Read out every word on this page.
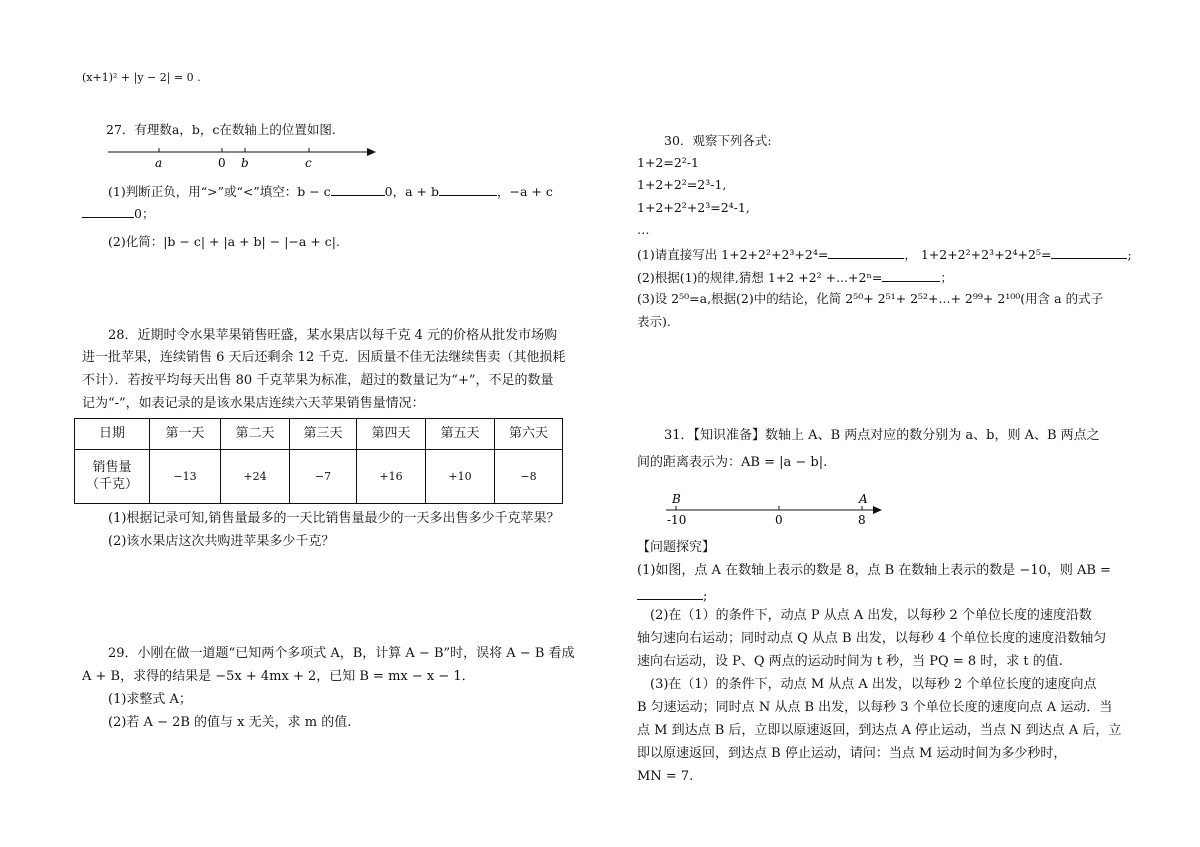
(x+1)² + |y − 2| = 0 .
27．有理数a，b，c在数轴上的位置如图.
a	0 b	c
(1)判断正负，用“>”或“<”填空：b − c	0，a + b	，−a + c
0；
(2)化简：|b − c| + |a + b| − |−a + c|.
28．近期时令水果苹果销售旺盛，某水果店以每千克 4 元的价格从批发市场购
进一批苹果，连续销售 6 天后还剩余 12 千克．因质量不佳无法继续售卖（其他损耗
不计）．若按平均每天出售 80 千克苹果为标准，超过的数量记为“+”，不足的数量
记为“-”，如表记录的是该水果店连续六天苹果销售量情况：
日期	第一天	第二天	第三天	第四天	第五天	第六天

销售量
（千克）	−13	+24	−7	+16	+10	−8
(1)根据记录可知,销售量最多的一天比销售量最少的一天多出售多少千克苹果？
(2)该水果店这次共购进苹果多少千克？
29．小刚在做一道题“已知两个多项式 A，B，计算 A − B”时，误将 A − B 看成
A + B，求得的结果是 −5x + 4mx + 2，已知 B = mx − x − 1．
(1)求整式 A；
(2)若 A − 2B 的值与 x 无关，求 m 的值.
30．观察下列各式:
1+2=2²-1
1+2+2²=2³-1,
1+2+2²+2³=2⁴-1,
…
(1)请直接写出 1+2+2²+2³+2⁴=	， 1+2+2²+2³+2⁴+2⁵=	;
(2)根据(1)的规律,猜想 1+2 +2² +...+2ⁿ=	；
(3)设 2⁵⁰=a,根据(2)中的结论，化简 2⁵⁰+ 2⁵¹+ 2⁵²+...+ 2⁹⁹+ 2¹⁰⁰(用含 a 的式子
表示).
31．【知识准备】数轴上 A、B 两点对应的数分别为 a、b，则 A、B 两点之
间的距离表示为：AB = |a − b|.
B	A
-10	0	8
【问题探究】
(1)如图，点 A 在数轴上表示的数是 8，点 B 在数轴上表示的数是 −10，则 AB =
;
(2)在（1）的条件下，动点 P 从点 A 出发，以每秒 2 个单位长度的速度沿数
轴匀速向右运动；同时动点 Q 从点 B 出发，以每秒 4 个单位长度的速度沿数轴匀
速向右运动，设 P、Q 两点的运动时间为 t 秒，当 PQ = 8 时，求 t 的值.
(3)在（1）的条件下，动点 M 从点 A 出发，以每秒 2 个单位长度的速度向点
B 匀速运动；同时点 N 从点 B 出发，以每秒 3 个单位长度的速度向点 A 运动．当
点 M 到达点 B 后，立即以原速返回，到达点 A 停止运动，当点 N 到达点 A 后，立
即以原速返回，到达点 B 停止运动，请问：当点 M 运动时间为多少秒时，
MN = 7.
